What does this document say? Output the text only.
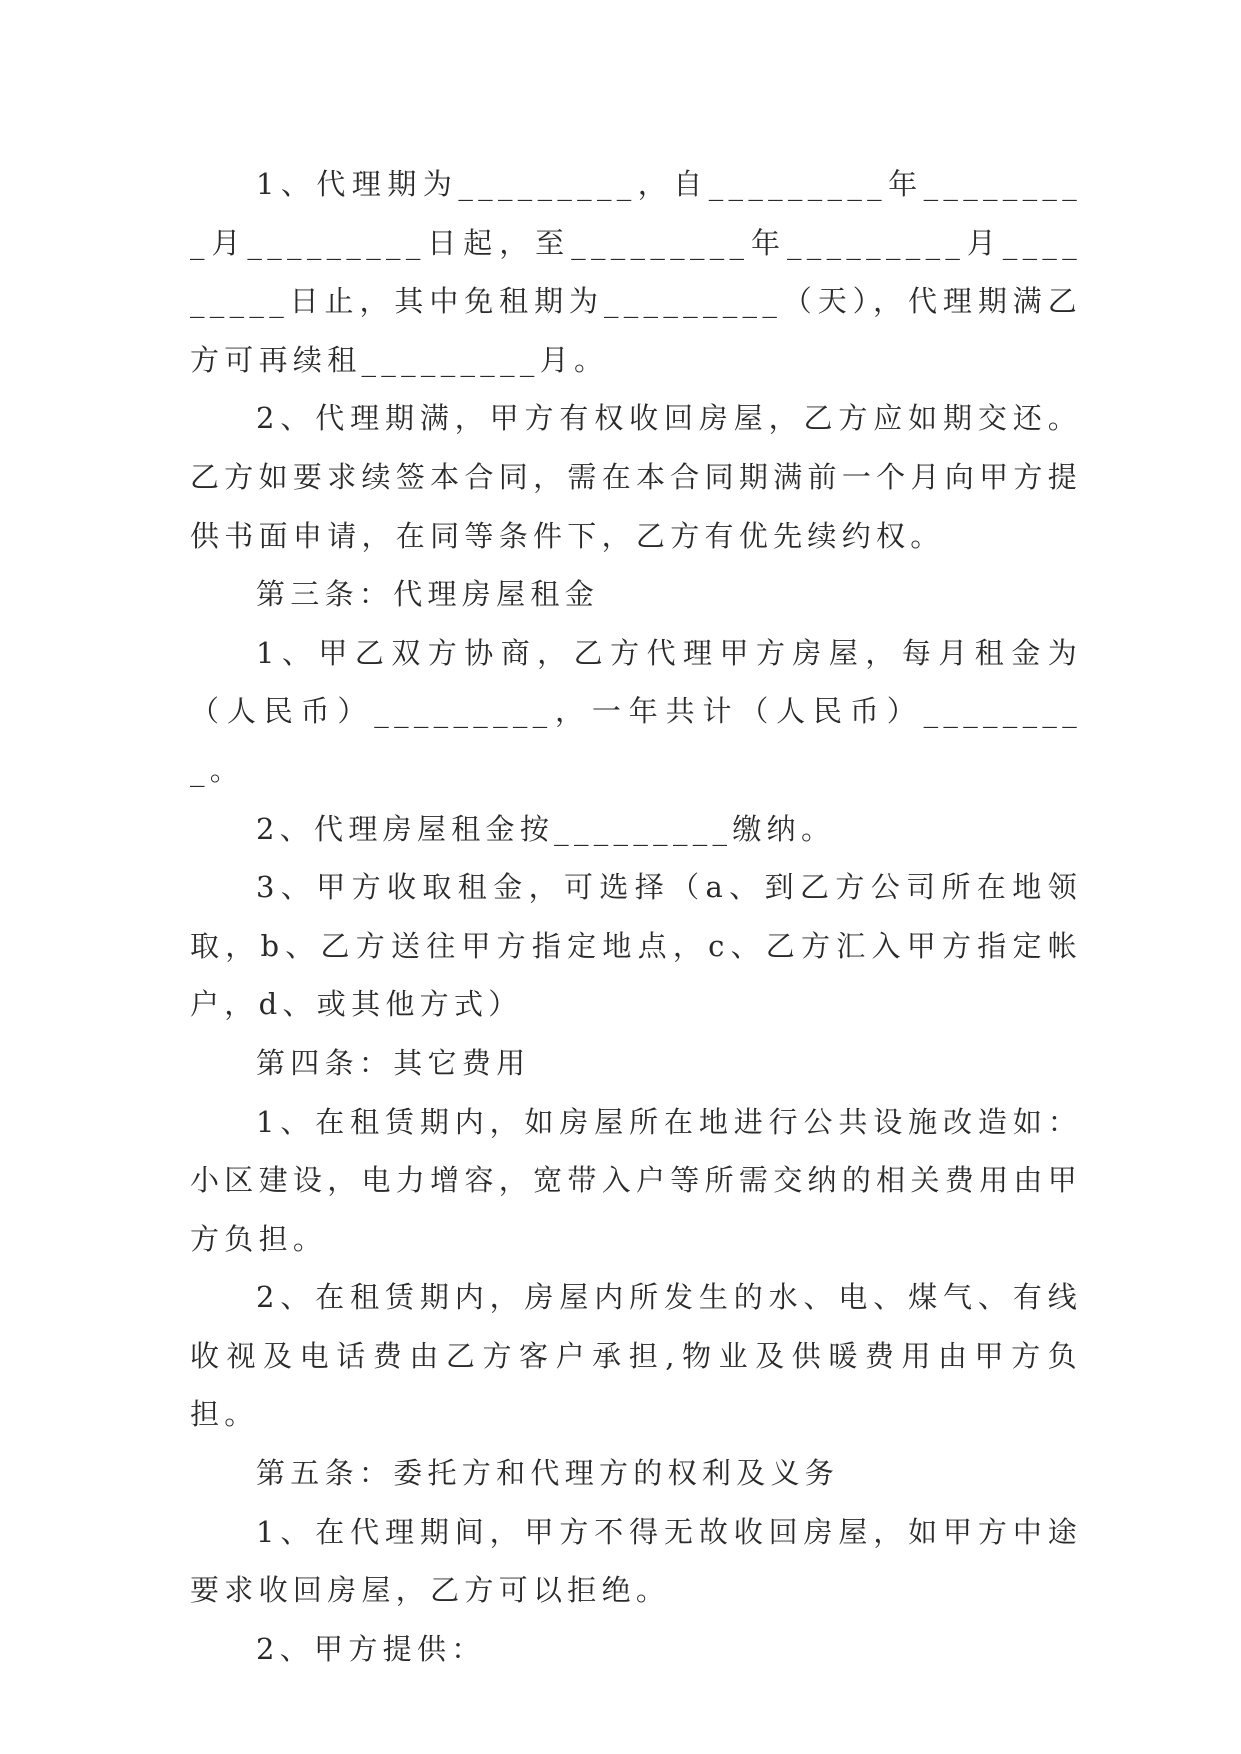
1、代理期为_________，自_________年_________月_________日起，至_________年_________月_________日止，其中免租期为_________（天），代理期满乙方可再续租_________月。

2、代理期满，甲方有权收回房屋，乙方应如期交还。乙方如要求续签本合同，需在本合同期满前一个月向甲方提供书面申请，在同等条件下，乙方有优先续约权。

第三条：代理房屋租金

1、甲乙双方协商，乙方代理甲方房屋，每月租金为（人民币）_________，一年共计（人民币）_________。

2、代理房屋租金按_________缴纳。

3、甲方收取租金，可选择（a、到乙方公司所在地领取，b、乙方送往甲方指定地点，c、乙方汇入甲方指定帐户，d、或其他方式）

第四条：其它费用

1、在租赁期内，如房屋所在地进行公共设施改造如：小区建设，电力增容，宽带入户等所需交纳的相关费用由甲方负担。

2、在租赁期内，房屋内所发生的水、电、煤气、有线收视及电话费由乙方客户承担,物业及供暖费用由甲方负担。

第五条：委托方和代理方的权利及义务

1、在代理期间，甲方不得无故收回房屋，如甲方中途要求收回房屋，乙方可以拒绝。

2、甲方提供：
